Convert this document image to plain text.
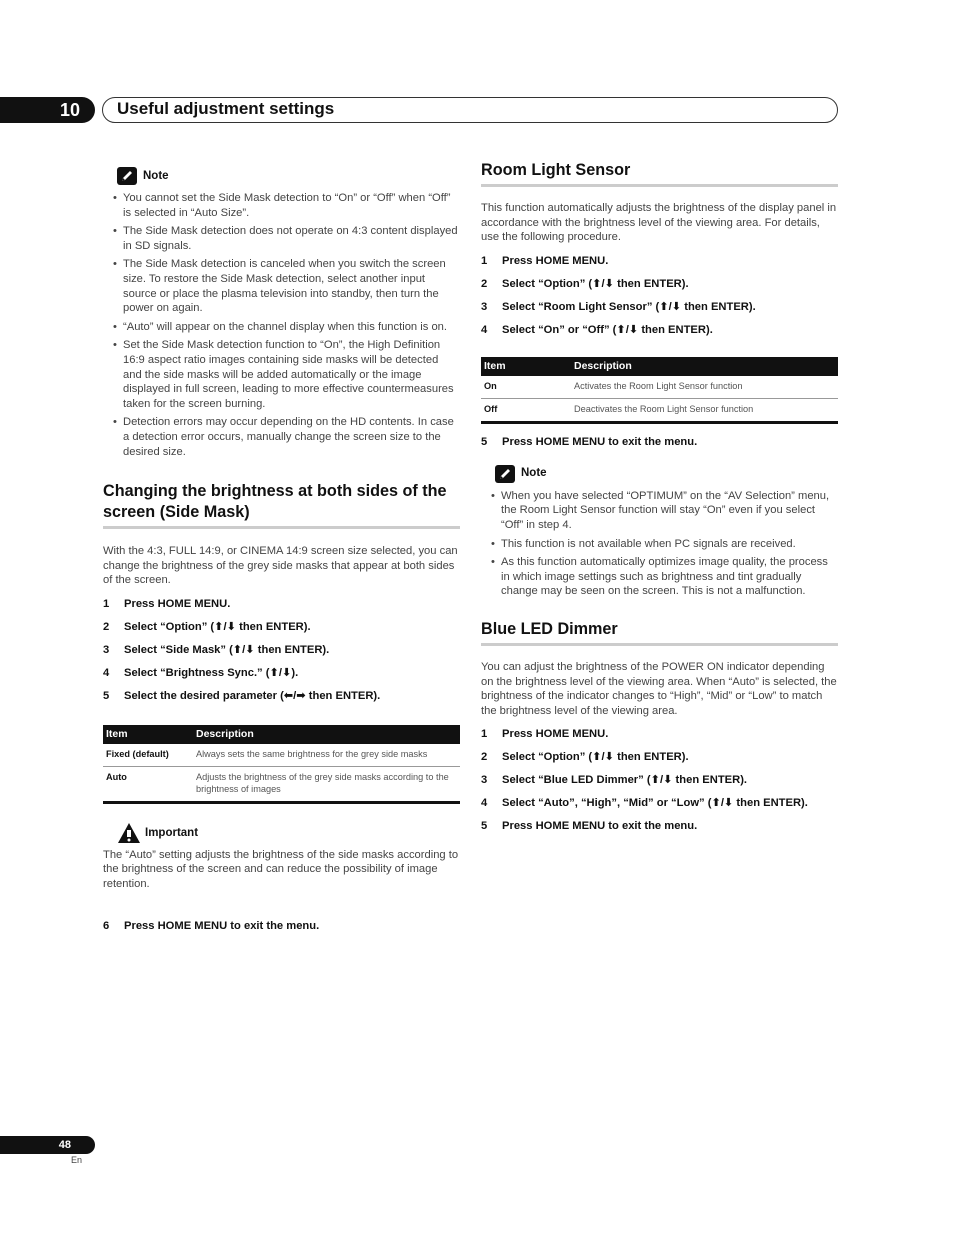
10	Useful adjustment settings
Note
• You cannot set the Side Mask detection to “On” or “Off” when “Off” is selected in “Auto Size”.
• The Side Mask detection does not operate on 4:3 content displayed in SD signals.
• The Side Mask detection is canceled when you switch the screen size. To restore the Side Mask detection, select another input source or place the plasma television into standby, then turn the power on again.
• “Auto” will appear on the channel display when this function is on.
• Set the Side Mask detection function to “On”, the High Definition 16:9 aspect ratio images containing side masks will be detected and the side masks will be added automatically or the image displayed in full screen, leading to more effective countermeasures taken for the screen burning.
• Detection errors may occur depending on the HD contents. In case a detection error occurs, manually change the screen size to the desired size.
Changing the brightness at both sides of the screen (Side Mask)

With the 4:3, FULL 14:9, or CINEMA 14:9 screen size selected, you can change the brightness of the grey side masks that appear at both sides of the screen.

1	Press HOME MENU.
2	Select “Option” (⬆/⬇ then ENTER).
3	Select “Side Mask” (⬆/⬇ then ENTER).
4	Select “Brightness Sync.” (⬆/⬇).
5	Select the desired parameter (⬅/➡ then ENTER).
Item	Description
Fixed (default)	Always sets the same brightness for the grey side masks
Auto	Adjusts the brightness of the grey side masks according to the brightness of images
Important

The “Auto” setting adjusts the brightness of the side masks according to the brightness of the screen and can reduce the possibility of image retention.

6	Press HOME MENU to exit the menu.
Room Light Sensor

This function automatically adjusts the brightness of the display panel in accordance with the brightness level of the viewing area. For details, use the following procedure.

1	Press HOME MENU.
2	Select “Option” (⬆/⬇ then ENTER).
3	Select “Room Light Sensor” (⬆/⬇ then ENTER).
4	Select “On” or “Off” (⬆/⬇ then ENTER).
Item	Description
On	Activates the Room Light Sensor function
Off	Deactivates the Room Light Sensor function
5	Press HOME MENU to exit the menu.
Note
• When you have selected “OPTIMUM” on the “AV Selection” menu, the Room Light Sensor function will stay “On” even if you select “Off” in step 4.
• This function is not available when PC signals are received.
• As this function automatically optimizes image quality, the process in which image settings such as brightness and tint gradually change may be seen on the screen. This is not a malfunction.
Blue LED Dimmer

You can adjust the brightness of the POWER ON indicator depending on the brightness level of the viewing area. When “Auto” is selected, the brightness of the indicator changes to “High”, “Mid” or “Low” to match the brightness level of the viewing area.

1	Press HOME MENU.
2	Select “Option” (⬆/⬇ then ENTER).
3	Select “Blue LED Dimmer” (⬆/⬇ then ENTER).
4	Select “Auto”, “High”, “Mid” or “Low” (⬆/⬇ then ENTER).
5	Press HOME MENU to exit the menu.
48
En
